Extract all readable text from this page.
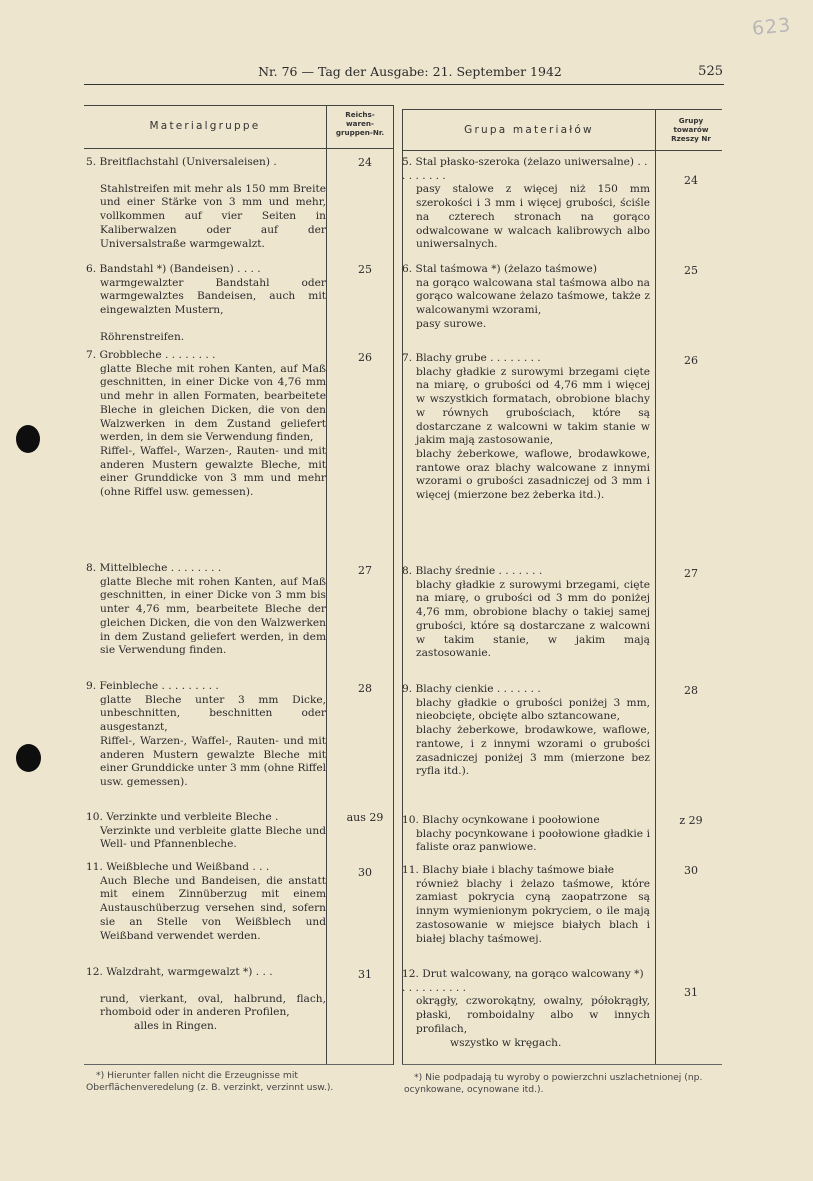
623
Nr. 76 — Tag der Ausgabe: 21. September 1942	525
Materialgruppe
Reichs-
waren-
gruppen-Nr.	Grupa materiałów
Grupy
towarów
Rzeszy Nr

5. Breitflachstahl (Universaleisen) .

Stahlstreifen mit mehr als 150 mm Breite und einer Stärke von 3 mm und mehr, vollkommen auf vier Seiten in Kaliberwalzen oder auf der Universalstraße warmgewalzt.

24

6. Bandstahl *) (Bandeisen) . . . .

warmgewalzter Bandstahl oder warmgewalztes Bandeisen, auch mit eingewalzten Mustern,

Röhrenstreifen.

25

7. Grobbleche . . . . . . . .

glatte Bleche mit rohen Kanten, auf Maß geschnitten, in einer Dicke von 4,76 mm und mehr in allen Formaten, bearbeitete Bleche in gleichen Dicken, die von den Walzwerken in dem Zustand geliefert werden, in dem sie Verwendung finden,

Riffel-, Waffel-, Warzen-, Rauten- und mit anderen Mustern gewalzte Bleche, mit einer Grunddicke von 3 mm und mehr (ohne Riffel usw. gemessen).

26

8. Mittelbleche . . . . . . . .

glatte Bleche mit rohen Kanten, auf Maß geschnitten, in einer Dicke von 3 mm bis unter 4,76 mm, bearbeitete Bleche der gleichen Dicken, die von den Walzwerken in dem Zustand geliefert werden, in dem sie Verwendung finden.

27

9. Feinbleche . . . . . . . . .

glatte Bleche unter 3 mm Dicke, unbeschnitten, beschnitten oder ausgestanzt,

Riffel-, Warzen-, Waffel-, Rauten- und mit anderen Mustern gewalzte Bleche mit einer Grunddicke unter 3 mm (ohne Riffel usw. gemessen).

28

10. Verzinkte und verbleite Bleche .

Verzinkte und verbleite glatte Bleche und Well- und Pfannenbleche.

aus 29

11. Weißbleche und Weißband . . .

Auch Bleche und Bandeisen, die anstatt mit einem Zinnüberzug mit einem Austauschüberzug versehen sind, sofern sie an Stelle von Weißblech und Weißband verwendet werden.

30

12. Walzdraht, warmgewalzt *) . . .

rund, vierkant, oval, halbrund, flach, rhomboid oder in anderen Profilen,

alles in Ringen.

31

5. Stal płasko-szeroka (żelazo uniwersalne) . . . . . . . . .

pasy stalowe z więcej niż 150 mm szerokości i 3 mm i więcej grubości, ściśle na czterech stronach na gorąco odwalcowane w walcach kalibrowych albo uniwersalnych.

24

6. Stal taśmowa *) (żelazo taśmowe)

na gorąco walcowana stal taśmowa albo na gorąco walcowane żelazo taśmowe, także z walcowanymi wzorami,

pasy surowe.

25

7. Blachy grube . . . . . . . .

blachy gładkie z surowymi brzegami cięte na miarę, o grubości od 4,76 mm i więcej w wszystkich formatach, obrobione blachy w równych grubościach, które są dostarczane z walcowni w takim stanie w jakim mają zastosowanie,

blachy żeberkowe, waflowe, brodawkowe, rantowe oraz blachy walcowane z innymi wzorami o grubości zasadniczej od 3 mm i więcej (mierzone bez żeberka itd.).

26

8. Blachy średnie . . . . . . .

blachy gładkie z surowymi brzegami, cięte na miarę, o grubości od 3 mm do poniżej 4,76 mm, obrobione blachy o takiej samej grubości, które są dostarczane z walcowni w takim stanie, w jakim mają zastosowanie.

27

9. Blachy cienkie . . . . . . .

blachy gładkie o grubości poniżej 3 mm, nieobcięte, obcięte albo sztancowane,

blachy żeberkowe, brodawkowe, waflowe, rantowe, i z innymi wzorami o grubości zasadniczej poniżej 3 mm (mierzone bez ryfla itd.).

28

10. Blachy ocynkowane i poołowione

blachy pocynkowane i poołowione gładkie i faliste oraz panwiowe.

z 29

11. Blachy białe i blachy taśmowe białe

również blachy i żelazo taśmowe, które zamiast pokrycia cyną zaopatrzone są innym wymienionym pokryciem, o ile mają zastosowanie w miejsce białych blach i białej blachy taśmowej.

30

12. Drut walcowany, na gorąco walcowany *) . . . . . . . . . .

okrągły, czworokątny, owalny, półokrągły, płaski, romboidalny albo w innych profilach,

wszystko w kręgach.

31
*) Hierunter fallen nicht die Erzeugnisse mit Oberflächenveredelung (z. B. verzinkt, verzinnt usw.).
*) Nie podpadają tu wyroby o powierzchni uszlachetnionej (np. ocynkowane, ocynowane itd.).
